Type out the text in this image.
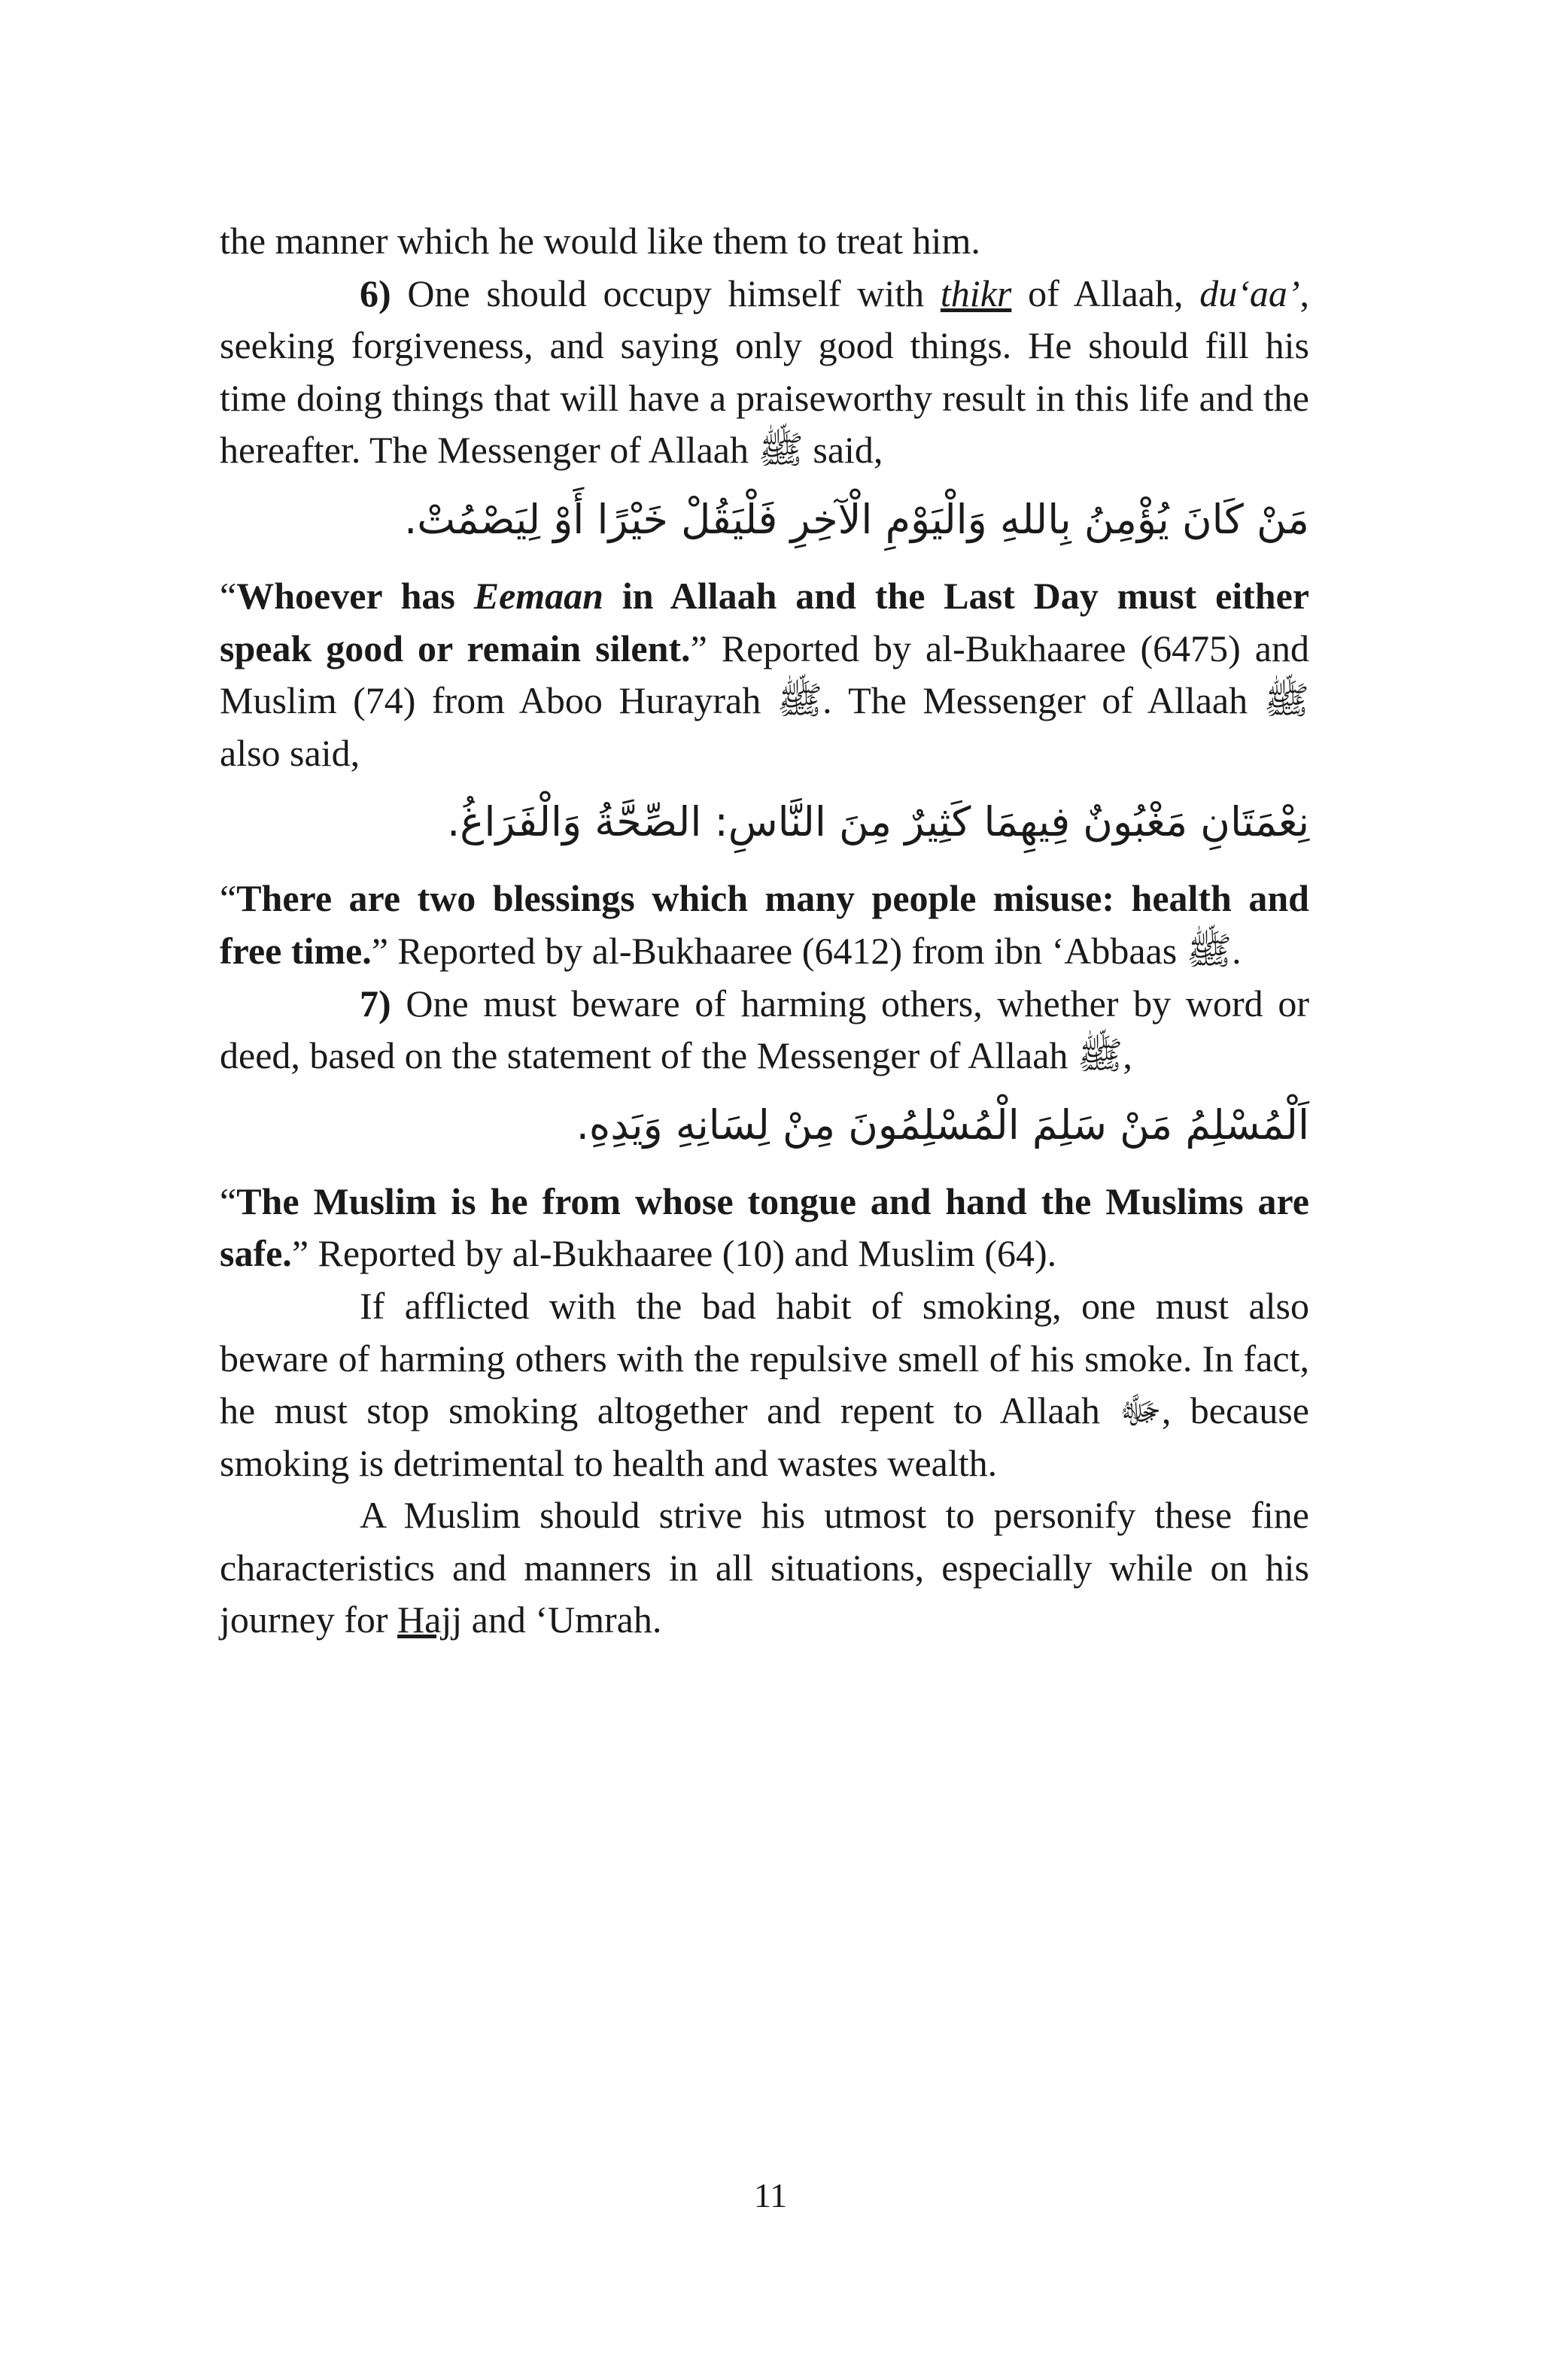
the manner which he would like them to treat him.

6) One should occupy himself with thikr of Allaah, du‘aa’, seeking forgiveness, and saying only good things. He should fill his time doing things that will have a praiseworthy result in this life and the hereafter. The Messenger of Allaah ﷺ said,

مَنْ كَانَ يُؤْمِنُ بِاللهِ وَالْيَوْمِ الْآخِرِ فَلْيَقُلْ خَيْرًا أَوْ لِيَصْمُتْ.

“Whoever has Eemaan in Allaah and the Last Day must either speak good or remain silent.” Reported by al-Bukhaaree (6475) and Muslim (74) from Aboo Hurayrah ﷺ. The Messenger of Allaah ﷺ also said,

نِعْمَتَانِ مَغْبُونٌ فِيهِمَا كَثِيرٌ مِنَ النَّاسِ: الصِّحَّةُ وَالْفَرَاغُ.

“There are two blessings which many people misuse: health and free time.” Reported by al-Bukhaaree (6412) from ibn ‘Abbaas ﷺ.

7) One must beware of harming others, whether by word or deed, based on the statement of the Messenger of Allaah ﷺ,

اَلْمُسْلِمُ مَنْ سَلِمَ الْمُسْلِمُونَ مِنْ لِسَانِهِ وَيَدِهِ.

“The Muslim is he from whose tongue and hand the Muslims are safe.” Reported by al-Bukhaaree (10) and Muslim (64).

If afflicted with the bad habit of smoking, one must also beware of harming others with the repulsive smell of his smoke. In fact, he must stop smoking altogether and repent to Allaah ﷻ, because smoking is detrimental to health and wastes wealth.

A Muslim should strive his utmost to personify these fine characteristics and manners in all situations, especially while on his journey for Hajj and ‘Umrah.

11
